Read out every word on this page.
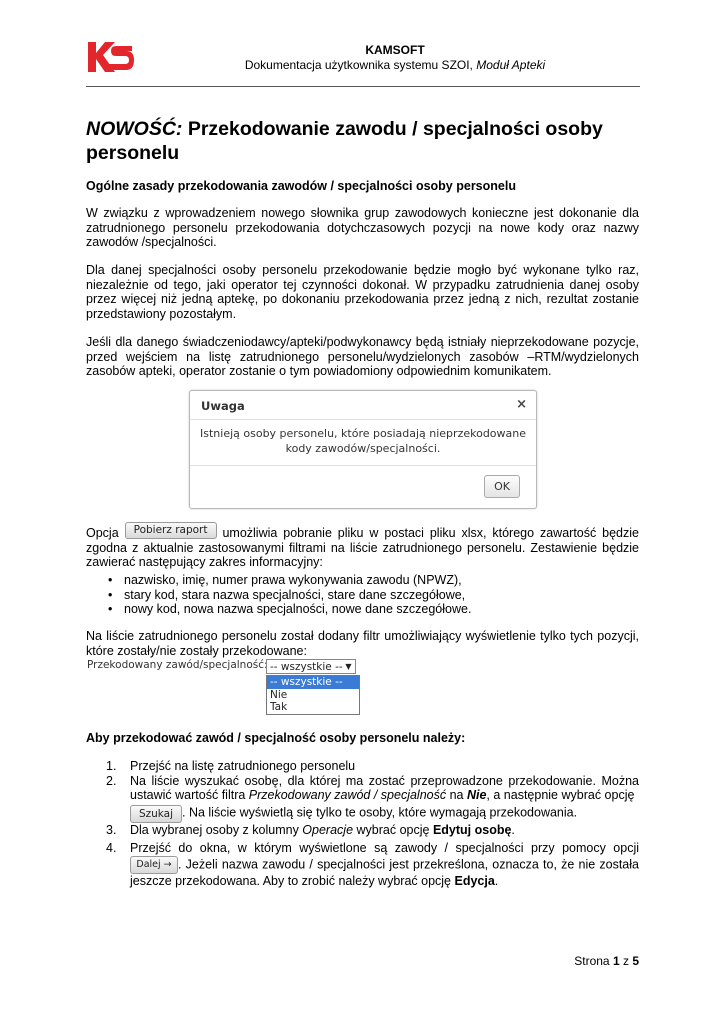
KAMSOFT
Dokumentacja użytkownika systemu SZOI, Moduł Apteki
NOWOŚĆ: Przekodowanie zawodu / specjalności osoby personelu
Ogólne zasady przekodowania zawodów / specjalności osoby personelu
W związku z wprowadzeniem nowego słownika grup zawodowych konieczne jest dokonanie dla zatrudnionego personelu przekodowania dotychczasowych pozycji na nowe kody oraz nazwy zawodów /specjalności.
Dla danej specjalności osoby personelu przekodowanie będzie mogło być wykonane tylko raz, niezależnie od tego, jaki operator tej czynności dokonał. W przypadku zatrudnienia danej osoby przez więcej niż jedną aptekę, po dokonaniu przekodowania przez jedną z nich, rezultat zostanie przedstawiony pozostałym.
Jeśli dla danego świadczeniodawcy/apteki/podwykonawcy będą istniały nieprzekodowane pozycje, przed wejściem na listę zatrudnionego personelu/wydzielonych zasobów –RTM/wydzielonych zasobów apteki, operator zostanie o tym powiadomiony odpowiednim komunikatem.
Uwaga	×
Istnieją osoby personelu, które posiadają nieprzekodowane kody zawodów/specjalności.
OK
Opcja Pobierz raport umożliwia pobranie pliku w postaci pliku xlsx, którego zawartość będzie zgodna z aktualnie zastosowanymi filtrami na liście zatrudnionego personelu. Zestawienie będzie zawierać następujący zakres informacyjny:
• nazwisko, imię, numer prawa wykonywania zawodu (NPWZ),
• stary kod, stara nazwa specjalności, stare dane szczegółowe,
• nowy kod, nowa nazwa specjalności, nowe dane szczegółowe.
Na liście zatrudnionego personelu został dodany filtr umożliwiający wyświetlenie tylko tych pozycji, które zostały/nie zostały przekodowane:
Przekodowany zawód/specjalność: -- wszystkie -- ▼
-- wszystkie --
Nie
Tak
Aby przekodować zawód / specjalność osoby personelu należy:
1. Przejść na listę zatrudnionego personelu
2. Na liście wyszukać osobę, dla której ma zostać przeprowadzone przekodowanie. Można ustawić wartość filtra Przekodowany zawód / specjalność na Nie, a następnie wybrać opcję
Szukaj . Na liście wyświetlą się tylko te osoby, które wymagają przekodowania.
3. Dla wybranej osoby z kolumny Operacje wybrać opcję Edytuj osobę.
4. Przejść do okna, w którym wyświetlone są zawody / specjalności przy pomocy opcji Dalej → . Jeżeli nazwa zawodu / specjalności jest przekreślona, oznacza to, że nie została jeszcze przekodowana. Aby to zrobić należy wybrać opcję Edycja.
Strona 1 z 5
